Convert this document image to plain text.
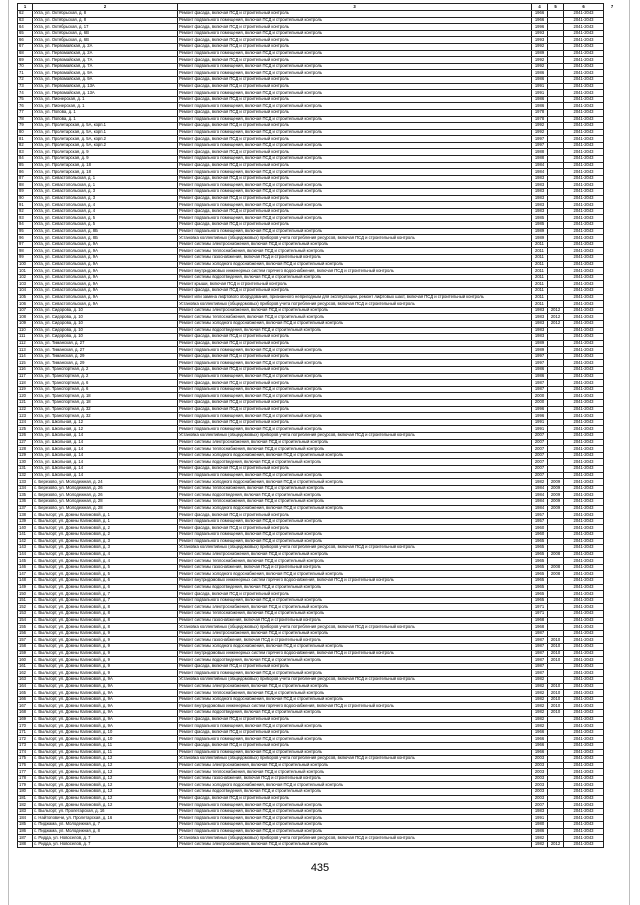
1	2	3	4	5	6	7
62	Ухта, ул. Октябрьская, д. 8	Ремонт фасада, включая ПСД и строительный контроль	1966		2041-2043	
63	Ухта, ул. Октябрьская, д. 8	Ремонт подвального помещения, включая ПСД и строительный контроль	1966		2041-2043	
64	Ухта, ул. Октябрьская, д. 17	Ремонт фасада, включая ПСД и строительный контроль	1996		2041-2043	
65	Ухта, ул. Октябрьская, д. 6В	Ремонт подвального помещения, включая ПСД и строительный контроль	1993		2041-2043	
66	Ухта, ул. Октябрьская, д. 6В	Ремонт фасада, включая ПСД и строительный контроль	1993		2041-2043	
67	Ухта, ул. Первомайская, д. 2А	Ремонт фасада, включая ПСД и строительный контроль	1992		2041-2043	
68	Ухта, ул. Первомайская, д. 2А	Ремонт подвального помещения, включая ПСД и строительный контроль	1989		2041-2043	
69	Ухта, ул. Первомайская, д. 7А	Ремонт фасада, включая ПСД и строительный контроль	1992		2041-2043	
70	Ухта, ул. Первомайская, д. 7А	Ремонт подвального помещения, включая ПСД и строительный контроль	1992		2041-2043	
71	Ухта, ул. Первомайская, д. 9А	Ремонт подвального помещения, включая ПСД и строительный контроль	1986		2041-2043	
72	Ухта, ул. Первомайская, д. 9А	Ремонт фасада, включая ПСД и строительный контроль	1986		2041-2043	
73	Ухта, ул. Первомайская, д. 13А	Ремонт фасада, включая ПСД и строительный контроль	1991		2041-2043	
74	Ухта, ул. Первомайская, д. 13А	Ремонт подвального помещения, включая ПСД и строительный контроль	1991		2041-2043	
75	Ухта, ул. Пионерская, д. 1	Ремонт фасада, включая ПСД и строительный контроль	1986		2041-2043	
76	Ухта, ул. Пионерская, д. 1	Ремонт подвального помещения, включая ПСД и строительный контроль	1986		2041-2043	
77	Ухта, ул. Попова, д. 1	Ремонт фасада, включая ПСД и строительный контроль	1978		2041-2043	
78	Ухта, ул. Попова, д. 1	Ремонт подвального помещения, включая ПСД и строительный контроль	1978		2041-2043	
79	Ухта, ул. Пролетарская, д. 5А, корп.1	Ремонт фасада, включая ПСД и строительный контроль	1992		2041-2043	
80	Ухта, ул. Пролетарская, д. 5А, корп.1	Ремонт подвального помещения, включая ПСД и строительный контроль	1992		2041-2043	
81	Ухта, ул. Пролетарская, д. 5А, корп.2	Ремонт фасада, включая ПСД и строительный контроль	1997		2041-2043	
82	Ухта, ул. Пролетарская, д. 5А, корп.2	Ремонт подвального помещения, включая ПСД и строительный контроль	1997		2041-2043	
83	Ухта, ул. Пролетарская, д. 9	Ремонт фасада, включая ПСД и строительный контроль	1988		2041-2043	
84	Ухта, ул. Пролетарская, д. 9	Ремонт подвального помещения, включая ПСД и строительный контроль	1988		2041-2043	
85	Ухта, ул. Пролетарская, д. 18	Ремонт фасада, включая ПСД и строительный контроль	1984		2041-2043	
86	Ухта, ул. Пролетарская, д. 18	Ремонт подвального помещения, включая ПСД и строительный контроль	1984		2041-2043	
87	Ухта, ул. Севастопольская, д. 1	Ремонт фасада, включая ПСД и строительный контроль	1983		2041-2043	
88	Ухта, ул. Севастопольская, д. 1	Ремонт подвального помещения, включая ПСД и строительный контроль	1983		2041-2043	
89	Ухта, ул. Севастопольская, д. 3	Ремонт подвального помещения, включая ПСД и строительный контроль	1983		2041-2043	
90	Ухта, ул. Севастопольская, д. 3	Ремонт фасада, включая ПСД и строительный контроль	1983		2041-2043	
91	Ухта, ул. Севастопольская, д. 4	Ремонт подвального помещения, включая ПСД и строительный контроль	1983		2041-2043	
92	Ухта, ул. Севастопольская, д. 4	Ремонт фасада, включая ПСД и строительный контроль	1983		2041-2043	
93	Ухта, ул. Севастопольская, д. 5	Ремонт подвального помещения, включая ПСД и строительный контроль	1985		2041-2043	
94	Ухта, ул. Севастопольская, д. 5	Ремонт фасада, включая ПСД и строительный контроль	1985		2041-2043	
95	Ухта, ул. Севастопольская, д. 8Б	Ремонт подвального помещения, включая ПСД и строительный контроль	1989		2041-2043	
96	Ухта, ул. Севастопольская, д. 8Б	Установка коллективных (общедомовых) приборов учета потребления ресурсов, включая ПСД и строительный контроль	1989		2041-2043	
97	Ухта, ул. Севастопольская, д. 9А	Ремонт системы электроснабжения, включая ПСД и строительный контроль	2011		2041-2043	
98	Ухта, ул. Севастопольская, д. 9А	Ремонт системы теплоснабжения, включая ПСД и строительный контроль	2011		2041-2043	
99	Ухта, ул. Севастопольская, д. 9А	Ремонт системы газоснабжения, включая ПСД и строительный контроль	2011		2041-2043	
100	Ухта, ул. Севастопольская, д. 9А	Ремонт системы холодного водоснабжения, включая ПСД и строительный контроль	2011		2041-2043	
101	Ухта, ул. Севастопольская, д. 9А	Ремонт внутридомовых инженерных систем горячего водоснабжения, включая ПСД и строительный контроль	2011		2041-2043	
102	Ухта, ул. Севастопольская, д. 9А	Ремонт системы водоотведения, включая ПСД и строительный контроль	2011		2041-2043	
103	Ухта, ул. Севастопольская, д. 9А	Ремонт крыши, включая ПСД и строительный контроль	2011		2041-2043	
104	Ухта, ул. Севастопольская, д. 9А	Ремонт фасада, включая ПСД и строительный контроль	2011		2041-2043	
105	Ухта, ул. Севастопольская, д. 9А	Ремонт или замена лифтового оборудования, признанного непригодным для эксплуатации, ремонт лифтовых шахт, включая ПСД и строительный контроль	2011		2041-2043	
106	Ухта, ул. Севастопольская, д. 9А	Установка коллективных (общедомовых) приборов учета потребления ресурсов, включая ПСД и строительный контроль	2011		2041-2043	
107	Ухта, ул. Сидорова, д. 10	Ремонт системы электроснабжения, включая ПСД и строительный контроль	1983	2012	2041-2043	
108	Ухта, ул. Сидорова, д. 10	Ремонт системы теплоснабжения, включая ПСД и строительный контроль	1983	2012	2041-2043	
109	Ухта, ул. Сидорова, д. 10	Ремонт системы холодного водоснабжения, включая ПСД и строительный контроль	1983	2012	2041-2043	
110	Ухта, ул. Сидорова, д. 10	Ремонт системы водоотведения, включая ПСД и строительный контроль	1983		2041-2043	
111	Ухта, ул. Сидорова, д. 10	Ремонт фасада, включая ПСД и строительный контроль	1983		2041-2043	
112	Ухта, ул. Тиманская, д. 27	Ремонт фасада, включая ПСД и строительный контроль	1989		2041-2043	
113	Ухта, ул. Тиманская, д. 27	Ремонт подвального помещения, включая ПСД и строительный контроль	1989		2041-2043	
114	Ухта, ул. Тиманская, д. 29	Ремонт фасада, включая ПСД и строительный контроль	1997		2041-2043	
115	Ухта, ул. Тиманская, д. 29	Ремонт подвального помещения, включая ПСД и строительный контроль	1997		2041-2043	
116	Ухта, ул. Транспортная, д. 2	Ремонт фасада, включая ПСД и строительный контроль	1986		2041-2043	
117	Ухта, ул. Транспортная, д. 2	Ремонт подвального помещения, включая ПСД и строительный контроль	1986		2041-2043	
118	Ухта, ул. Транспортная, д. 6	Ремонт фасада, включая ПСД и строительный контроль	1987		2041-2043	
119	Ухта, ул. Транспортная, д. 6	Ремонт подвального помещения, включая ПСД и строительный контроль	1987		2041-2043	
120	Ухта, ул. Транспортная, д. 18	Ремонт подвального помещения, включая ПСД и строительный контроль	2000		2041-2043	
121	Ухта, ул. Транспортная, д. 18	Ремонт фасада, включая ПСД и строительный контроль	2000		2041-2043	
122	Ухта, ул. Транспортная, д. 32	Ремонт фасада, включая ПСД и строительный контроль	1996		2041-2043	
123	Ухта, ул. Транспортная, д. 32	Ремонт подвального помещения, включая ПСД и строительный контроль	1996		2041-2043	
124	Ухта, ул. Школьная, д. 12	Ремонт фасада, включая ПСД и строительный контроль	1991		2041-2043	
125	Ухта, ул. Школьная, д. 12	Ремонт подвального помещения, включая ПСД и строительный контроль	1991		2041-2043	
126	Ухта, ул. Школьная, д. 14	Установка коллективных (общедомовых) приборов учета потребления ресурсов, включая ПСД и строительный контроль	2007		2041-2043	
127	Ухта, ул. Школьная, д. 14	Ремонт системы электроснабжения, включая ПСД и строительный контроль	2007		2041-2043	
128	Ухта, ул. Школьная, д. 14	Ремонт системы теплоснабжения, включая ПСД и строительный контроль	2007		2041-2043	
129	Ухта, ул. Школьная, д. 14	Ремонт системы холодного водоснабжения, включая ПСД и строительный контроль	2007		2041-2043	
130	Ухта, ул. Школьная, д. 14	Ремонт системы водоотведения, включая ПСД и строительный контроль	2007		2041-2043	
131	Ухта, ул. Школьная, д. 14	Ремонт фасада, включая ПСД и строительный контроль	2007		2041-2043	
132	Ухта, ул. Школьная, д. 14	Ремонт подвального помещения, включая ПСД и строительный контроль	2007		2041-2043	
133	с. Березово, ул. Молодежная, д. 24	Ремонт системы холодного водоснабжения, включая ПСД и строительный контроль	1982	2009	2041-2043	
134	с. Березово, ул. Молодежная, д. 26	Ремонт системы теплоснабжения, включая ПСД и строительный контроль	1984	2009	2041-2043	
135	с. Березово, ул. Молодежная, д. 26	Ремонт системы водоотведения, включая ПСД и строительный контроль	1984	2009	2041-2043	
136	с. Березово, ул. Молодежная, д. 28	Ремонт системы теплоснабжения, включая ПСД и строительный контроль	1984	2009	2041-2043	
137	с. Березово, ул. Молодежная, д. 28	Ремонт системы холодного водоснабжения, включая ПСД и строительный контроль	1984	2009	2041-2043	
138	с. Выльгорт, ул. Домны Каликовой, д. 1	Ремонт фасада, включая ПСД и строительный контроль	1957		2041-2043	
139	с. Выльгорт, ул. Домны Каликовой, д. 1	Ремонт подвального помещения, включая ПСД и строительный контроль	1957		2041-2043	
140	с. Выльгорт, ул. Домны Каликовой, д. 2	Ремонт фасада, включая ПСД и строительный контроль	1960		2041-2043	
141	с. Выльгорт, ул. Домны Каликовой, д. 2	Ремонт подвального помещения, включая ПСД и строительный контроль	1960		2041-2043	
142	с. Выльгорт, ул. Домны Каликовой, д. 3	Ремонт подвального помещения, включая ПСД и строительный контроль	1965		2041-2043	
143	с. Выльгорт, ул. Домны Каликовой, д. 3	Установка коллективных (общедомовых) приборов учета потребления ресурсов, включая ПСД и строительный контроль	1965		2041-2043	
144	с. Выльгорт, ул. Домны Каликовой, д. 4	Ремонт системы электроснабжения, включая ПСД и строительный контроль	1965	2008	2041-2043	
145	с. Выльгорт, ул. Домны Каликовой, д. 4	Ремонт системы теплоснабжения, включая ПСД и строительный контроль	1965		2041-2043	
146	с. Выльгорт, ул. Домны Каликовой, д. 5	Ремонт системы газоснабжения, включая ПСД и строительный контроль	1965	2008	2041-2043	
147	с. Выльгорт, ул. Домны Каликовой, д. 5	Ремонт системы холодного водоснабжения, включая ПСД и строительный контроль	1965	2008	2041-2043	
148	с. Выльгорт, ул. Домны Каликовой, д. 6	Ремонт внутридомовых инженерных систем горячего водоснабжения, включая ПСД и строительный контроль	1965		2041-2043	
149	с. Выльгорт, ул. Домны Каликовой, д. 6	Ремонт системы водоотведения, включая ПСД и строительный контроль	1965		2041-2043	
150	с. Выльгорт, ул. Домны Каликовой, д. 7	Ремонт фасада, включая ПСД и строительный контроль	1965		2041-2043	
151	с. Выльгорт, ул. Домны Каликовой, д. 7	Ремонт подвального помещения, включая ПСД и строительный контроль	1965		2041-2043	
152	с. Выльгорт, ул. Домны Каликовой, д. 8	Ремонт системы электроснабжения, включая ПСД и строительный контроль	1971		2041-2043	
153	с. Выльгорт, ул. Домны Каликовой, д. 8	Ремонт системы теплоснабжения, включая ПСД и строительный контроль	1971		2041-2043	
154	с. Выльгорт, ул. Домны Каликовой, д. 8	Ремонт системы газоснабжения, включая ПСД и строительный контроль	1968		2041-2043	
155	с. Выльгорт, ул. Домны Каликовой, д. 8	Установка коллективных (общедомовых) приборов учета потребления ресурсов, включая ПСД и строительный контроль	1968		2041-2043	
156	с. Выльгорт, ул. Домны Каликовой, д. 9	Ремонт системы электроснабжения, включая ПСД и строительный контроль	1987		2041-2043	
157	с. Выльгорт, ул. Домны Каликовой, д. 9	Ремонт системы газоснабжения, включая ПСД и строительный контроль	1987	2010	2041-2043	
158	с. Выльгорт, ул. Домны Каликовой, д. 9	Ремонт системы холодного водоснабжения, включая ПСД и строительный контроль	1987	2010	2041-2043	
159	с. Выльгорт, ул. Домны Каликовой, д. 9	Ремонт внутридомовых инженерных систем горячего водоснабжения, включая ПСД и строительный контроль	1987	2010	2041-2043	
160	с. Выльгорт, ул. Домны Каликовой, д. 9	Ремонт системы водоотведения, включая ПСД и строительный контроль	1987	2010	2041-2043	
161	с. Выльгорт, ул. Домны Каликовой, д. 9	Ремонт фасада, включая ПСД и строительный контроль	1987		2041-2043	
162	с. Выльгорт, ул. Домны Каликовой, д. 9	Ремонт подвального помещения, включая ПСД и строительный контроль	1987		2041-2043	
163	с. Выльгорт, ул. Домны Каликовой, д. 9А	Установка коллективных (общедомовых) приборов учета потребления ресурсов, включая ПСД и строительный контроль	1982		2041-2043	
164	с. Выльгорт, ул. Домны Каликовой, д. 9А	Ремонт системы электроснабжения, включая ПСД и строительный контроль	1982	2010	2041-2043	
165	с. Выльгорт, ул. Домны Каликовой, д. 9А	Ремонт системы теплоснабжения, включая ПСД и строительный контроль	1982	2010	2041-2043	
166	с. Выльгорт, ул. Домны Каликовой, д. 9А	Ремонт системы холодного водоснабжения, включая ПСД и строительный контроль	1982	2010	2041-2043	
167	с. Выльгорт, ул. Домны Каликовой, д. 9А	Ремонт внутридомовых инженерных систем горячего водоснабжения, включая ПСД и строительный контроль	1982	2010	2041-2043	
168	с. Выльгорт, ул. Домны Каликовой, д. 9А	Ремонт системы водоотведения, включая ПСД и строительный контроль	1982	2010	2041-2043	
169	с. Выльгорт, ул. Домны Каликовой, д. 9А	Ремонт фасада, включая ПСД и строительный контроль	1982		2041-2043	
170	с. Выльгорт, ул. Домны Каликовой, д. 9А	Ремонт подвального помещения, включая ПСД и строительный контроль	1982		2041-2043	
171	с. Выльгорт, ул. Домны Каликовой, д. 10	Ремонт фасада, включая ПСД и строительный контроль	1966		2041-2043	
172	с. Выльгорт, ул. Домны Каликовой, д. 10	Ремонт подвального помещения, включая ПСД и строительный контроль	1966		2041-2043	
173	с. Выльгорт, ул. Домны Каликовой, д. 11	Ремонт фасада, включая ПСД и строительный контроль	1966		2041-2043	
174	с. Выльгорт, ул. Домны Каликовой, д. 11	Ремонт подвального помещения, включая ПСД и строительный контроль	1966		2041-2043	
175	с. Выльгорт, ул. Домны Каликовой, д. 12	Установка коллективных (общедомовых) приборов учета потребления ресурсов, включая ПСД и строительный контроль	2003		2041-2043	
176	с. Выльгорт, ул. Домны Каликовой, д. 12	Ремонт системы электроснабжения, включая ПСД и строительный контроль	2003		2041-2043	
177	с. Выльгорт, ул. Домны Каликовой, д. 12	Ремонт системы теплоснабжения, включая ПСД и строительный контроль	2003		2041-2043	
178	с. Выльгорт, ул. Домны Каликовой, д. 12	Ремонт системы газоснабжения, включая ПСД и строительный контроль	2003		2041-2043	
179	с. Выльгорт, ул. Домны Каликовой, д. 12	Ремонт системы холодного водоснабжения, включая ПСД и строительный контроль	2003		2041-2043	
180	с. Выльгорт, ул. Домны Каликовой, д. 12	Ремонт системы водоотведения, включая ПСД и строительный контроль	2003		2041-2043	
181	с. Выльгорт, ул. Домны Каликовой, д. 12	Ремонт фасада, включая ПСД и строительный контроль	2003		2041-2043	
182	с. Выльгорт, ул. Домны Каликовой, д. 12	Ремонт подвального помещения, включая ПСД и строительный контроль	2007		2041-2043	
183	с. Выльгорт, ул. Пролетарская, д. 16	Ремонт подвального помещения, включая ПСД и строительный контроль	1983		2041-2043	
184	с. Найтоповичи, ул. Пролетарская, д. 16	Ремонт подвального помещения, включая ПСД и строительный контроль	1991		2041-2043	
185	с. Пиджама, ул. Молодежная, д. 7	Ремонт подвального помещения, включая ПСД и строительный контроль	1980		2041-2043	
186	с. Пиджама, ул. Молодежная, д. 8	Ремонт подвального помещения, включая ПСД и строительный контроль	1986		2041-2043	
187	с. Ридда, ул. Новоселов, д. 7	Установка коллективных (общедомовых) приборов учета потребления ресурсов, включая ПСД и строительный контроль	1982		2041-2043	
188	с. Ридда, ул. Новоселов, д. 7	Ремонт системы электроснабжения, включая ПСД и строительный контроль	1982	2012	2041-2043	
435
